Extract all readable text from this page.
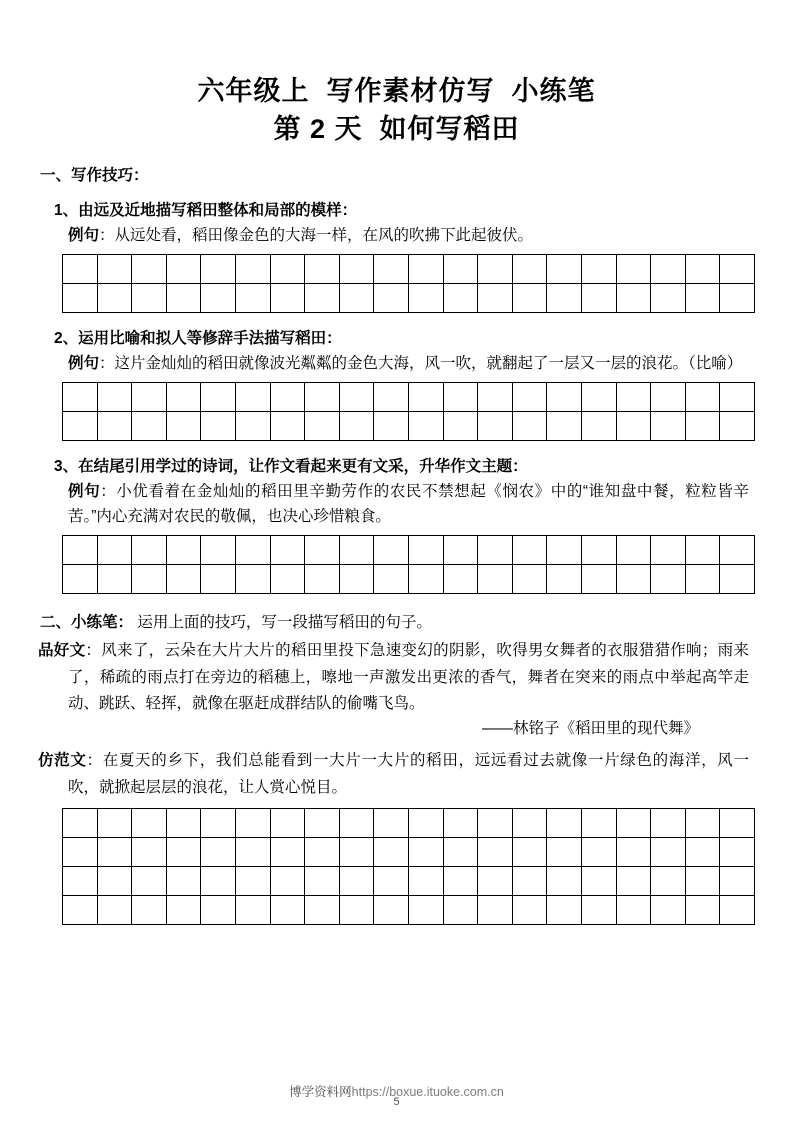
六年级上  写作素材仿写  小练笔
第 2 天  如何写稻田
一、写作技巧：
1、由远及近地描写稻田整体和局部的模样：
例句：从远处看，稻田像金色的大海一样，在风的吹拂下此起彼伏。

2、运用比喻和拟人等修辞手法描写稻田：
例句：这片金灿灿的稻田就像波光粼粼的金色大海，风一吹，就翻起了一层又一层的浪花。（比喻）

3、在结尾引用学过的诗词，让作文看起来更有文采，升华作文主题：
例句：小优看着在金灿灿的稻田里辛勤劳作的农民不禁想起《悯农》中的“谁知盘中餐，粒粒皆辛苦。”内心充满对农民的敬佩，也决心珍惜粮食。

二、小练笔： 运用上面的技巧，写一段描写稻田的句子。
品好文：风来了，云朵在大片大片的稻田里投下急速变幻的阴影，吹得男女舞者的衣服猎猎作响；雨来了，稀疏的雨点打在旁边的稻穗上，嚓地一声激发出更浓的香气，舞者在突来的雨点中举起高竿走动、跳跃、轻挥，就像在驱赶成群结队的偷嘴飞鸟。
——林铭子《稻田里的现代舞》
仿范文：在夏天的乡下，我们总能看到一大片一大片的稻田，远远看过去就像一片绿色的海洋，风一吹，就掀起层层的浪花，让人赏心悦目。

博学资料网https://boxue.ituoke.com.cn
5
